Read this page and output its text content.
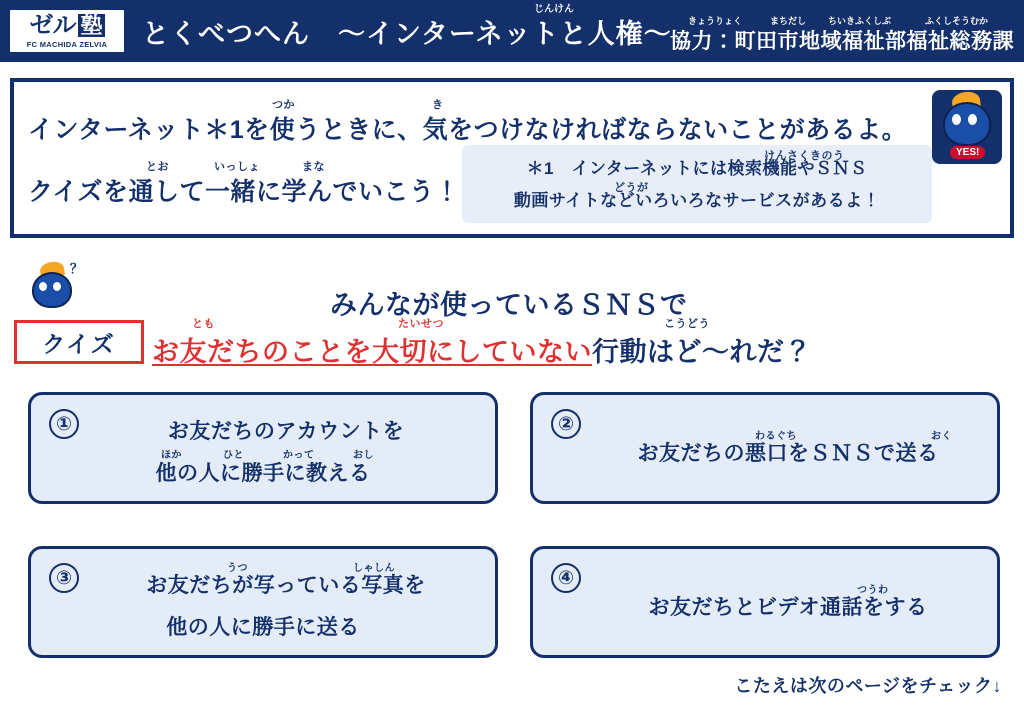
ゼル 塾
FC MACHIDA ZELVIA
じんけん
とくべつへん　〜インターネットと人権〜 きょうりょく	まちだし ちいきふくしぶ	ふくしそうむか
協力：町田市地域福祉部福祉総務課
つか	き
インターネット＊1を使うときに、気をつけなければならないことがあるよ。
とお	いっしょ	まな
クイズを通して一緒に学んでいこう！
けんさくきのう
＊1　インターネットには検索機能やＳＮＳ
どうが
動画サイトなどいろいろなサービスがあるよ！
YES!
？
クイズ
みんなが使っているＳＮＳで
とも	たいせつ	こうどう
お友だちのことを大切にしていない行動はど〜れだ？
①	お友だちのアカウントを
ほか	ひと	かって	おし
他の人に勝手に教える
②
わるぐち	おく
お友だちの悪口をＳＮＳで送る
③	うつ	しゃしん
お友だちが写っている写真を
他の人に勝手に送る
④
つうわ
お友だちとビデオ通話をする
こたえは次のページをチェック↓
